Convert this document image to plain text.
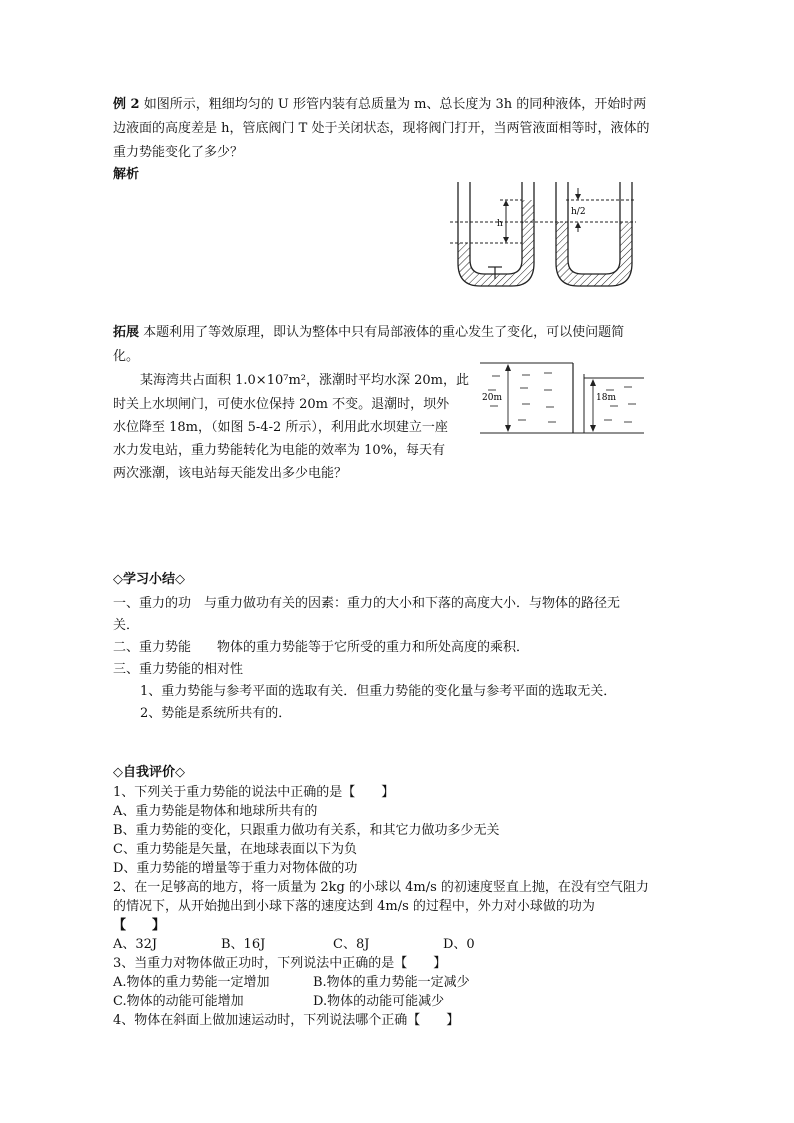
例 2 如图所示，粗细均匀的 U 形管内装有总质量为 m、总长度为 3h 的同种液体，开始时两
边液面的高度差是 h，管底阀门 T 处于关闭状态，现将阀门打开，当两管液面相等时，液体的
重力势能变化了多少？
解析
h
h/2
拓展 本题利用了等效原理，即认为整体中只有局部液体的重心发生了变化，可以使问题简
化。
某海湾共占面积 1.0×10⁷m²，涨潮时平均水深 20m，此
时关上水坝闸门，可使水位保持 20m 不变。退潮时，坝外
水位降至 18m，（如图 5-4-2 所示），利用此水坝建立一座
水力发电站，重力势能转化为电能的效率为 10%，每天有
两次涨潮，该电站每天能发出多少电能？
20m	18m
◇学习小结◇
一、重力的功　与重力做功有关的因素：重力的大小和下落的高度大小．与物体的路径无
关．
二、重力势能　　物体的重力势能等于它所受的重力和所处高度的乘积．
三、重力势能的相对性
1、重力势能与参考平面的选取有关．但重力势能的变化量与参考平面的选取无关．
2、势能是系统所共有的．
◇自我评价◇
1、下列关于重力势能的说法中正确的是【　　】
A、重力势能是物体和地球所共有的
B、重力势能的变化，只跟重力做功有关系，和其它力做功多少无关
C、重力势能是矢量，在地球表面以下为负
D、重力势能的增量等于重力对物体做的功
2、在一足够高的地方，将一质量为 2kg 的小球以 4m/s 的初速度竖直上抛，在没有空气阻力
的情况下，从开始抛出到小球下落的速度达到 4m/s 的过程中，外力对小球做的功为
【　　】
A、32J	B、16J	C、8J	D、0
3、当重力对物体做正功时，下列说法中正确的是【　　】
A.物体的重力势能一定增加	B.物体的重力势能一定减少
C.物体的动能可能增加	D.物体的动能可能减少
4、物体在斜面上做加速运动时，下列说法哪个正确【　　】
